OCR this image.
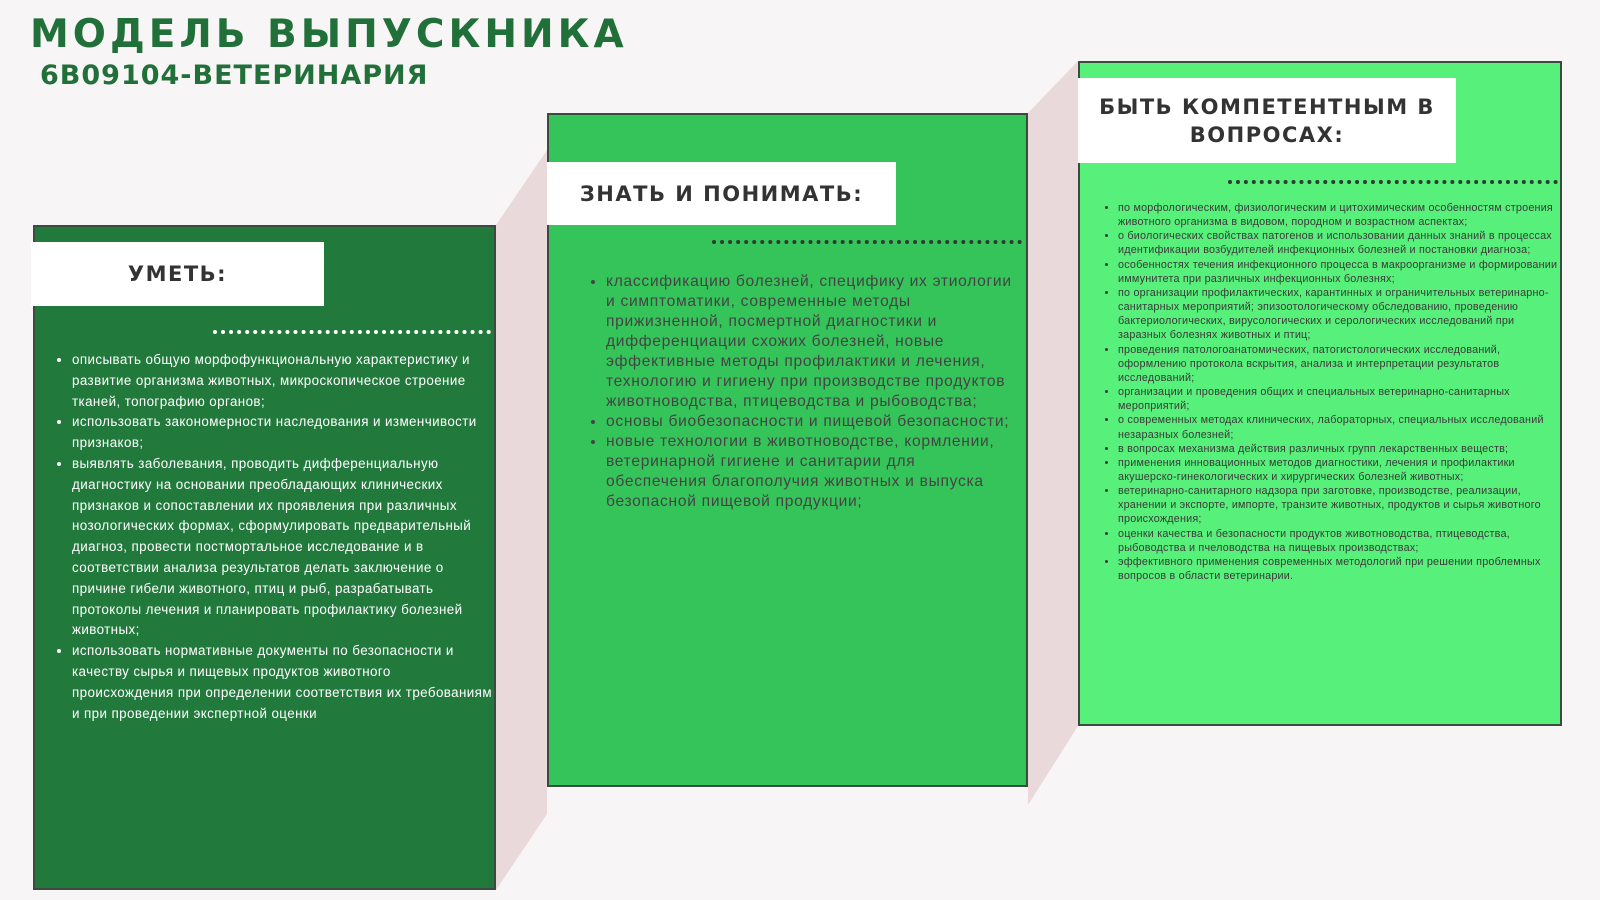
МОДЕЛЬ ВЫПУСКНИКА
6В09104-ВЕТЕРИНАРИЯ
УМЕТЬ:
• описывать общую морфофункциональную характеристику и развитие организма животных, микроскопическое строение тканей, топографию органов;
• использовать закономерности наследования и изменчивости признаков;
• выявлять заболевания, проводить дифференциальную диагностику на основании преобладающих клинических признаков и сопоставлении их проявления при различных нозологических формах, сформулировать предварительный диагноз, провести постмортальное исследование и в соответствии анализа результатов делать заключение о причине гибели животного, птиц и рыб, разрабатывать протоколы лечения и планировать профилактику болезней животных;
• использовать нормативные документы по безопасности и качеству сырья и пищевых продуктов животного происхождения при определении соответствия их требованиям и при проведении экспертной оценки
ЗНАТЬ И ПОНИМАТЬ:
• классификацию болезней, специфику их этиологии и симптоматики, современные методы прижизненной, посмертной диагностики и дифференциации схожих болезней, новые эффективные методы профилактики и лечения, технологию и гигиену при производстве продуктов животноводства, птицеводства и рыбоводства;
• основы биобезопасности и пищевой безопасности;
• новые технологии в животноводстве, кормлении, ветеринарной гигиене и санитарии для обеспечения благополучия животных и выпуска безопасной пищевой продукции;
БЫТЬ КОМПЕТЕНТНЫМ В ВОПРОСАХ:
• по морфологическим, физиологическим и цитохимическим особенностям строения животного организма в видовом, породном и возрастном аспектах;
• о биологических свойствах патогенов и использовании данных знаний в процессах идентификации возбудителей инфекционных болезней и постановки диагноза;
• особенностях течения инфекционного процесса в макроорганизме и формировании иммунитета при различных инфекционных болезнях;
• по организации профилактических, карантинных и ограничительных ветеринарно-санитарных мероприятий; эпизоотологическому обследованию, проведению бактериологических, вирусологических и серологических исследований при заразных болезнях животных и птиц;
• проведения патологоанатомических, патогистологических исследований, оформлению протокола вскрытия, анализа и интерпретации результатов исследований;
• организации и проведения общих и специальных ветеринарно-санитарных мероприятий;
• о современных методах клинических, лабораторных, специальных исследований незаразных болезней;
• в вопросах механизма действия различных групп лекарственных веществ;
• применения инновационных методов диагностики, лечения и профилактики акушерско-гинекологических и хирургических болезней животных;
• ветеринарно-санитарного надзора при заготовке, производстве, реализации, хранении и экспорте, импорте, транзите животных, продуктов и сырья животного происхождения;
• оценки качества и безопасности продуктов животноводства, птицеводства, рыбоводства и пчеловодства на пищевых производствах;
• эффективного применения современных методологий при решении проблемных вопросов в области ветеринарии.
